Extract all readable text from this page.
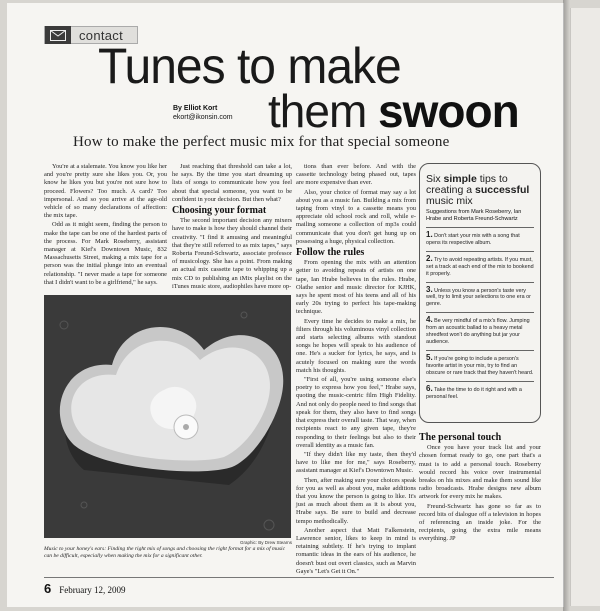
contact
Tunes to make
By Elliot Kort
ekort@ikonsin.com them swoon
How to make the perfect music mix for that special someone

You're at a stalemate. You know you like her and you're pretty sure she likes you. Or, you know he likes you but you're not sure how to proceed. Flowers? Too much. A card? Too impersonal. And so you arrive at the age-old vehicle of so many declarations of affection: the mix tape.

Odd as it might seem, finding the person to make the tape can be one of the hardest parts of the process. For Mark Roseberry, assistant manager at Kief's Downtown Music, 832 Massachusetts Street, making a mix tape for a person was the initial plunge into an eventual relationship. "I never made a tape for someone that I didn't want to be a girlfriend," he says.

Just reaching that threshold can take a lot, he says. By the time you start dreaming up lists of songs to communicate how you feel about that special someone, you want to be confident in your decision. But then what?

Choosing your format

The second important decision any mixers have to make is how they should channel their creativity. "I find it amusing and meaningful that they're still referred to as mix tapes," says Roberta Freund-Schwartz, associate professor of musicology. She has a point. From making an actual mix cassette tape to whipping up a mix CD to publishing an iMix playlist on the iTunes music store, audiophiles have more op-

tions than ever before. And with the cassette technology being phased out, tapes are more expensive than ever.

Also, your choice of format may say a lot about you as a music fan. Building a mix from taping from vinyl to a cassette means you appreciate old school rock and roll, while e-mailing someone a collection of mp3s could communicate that you don't get hung up on possessing a huge, physical collection.

Follow the rules

From opening the mix with an attention getter to avoiding repeats of artists on one tape, Ian Hrabe believes in the rules. Hrabe, Olathe senior and music director for KJHK, says he spent most of his teens and all of his early 20s trying to perfect his tape-making technique.

Every time he decides to make a mix, he filters through his voluminous vinyl collection and starts selecting albums with standout songs he hopes will speak to his audience of one. He's a sucker for lyrics, he says, and is acutely focused on making sure the words match his thoughts.

"First of all, you're using someone else's poetry to express how you feel," Hrabe says, quoting the music-centric film High Fidelity. And not only do people need to find songs that speak for them, they also have to find songs that express their overall taste. That way, when recipients react to any given tape, they're responding to their feelings but also to their overall identity as a music fan.

"If they didn't like my taste, then they'd have to like me for me," says Roseberry, assistant manager at Kief's Downtown Music.

Then, after making sure your choices speak for you as well as about you, make additions that you know the person is going to like. It's just as much about them as it is about you, Hrabe says. Be sure to build and decrease tempo methodically.

Another aspect that Matt Falkenstein, Lawrence senior, likes to keep in mind is retaining subtlety. If he's trying to implant romantic ideas in the ears of his audience, he doesn't bust out overt classics, such as Marvin Gaye's "Let's Get it On."

Graphic: By Drew Stearns
Music to your honey's ears: Finding the right mix of songs and choosing the right format for a mix of music can be difficult, especially when making the mix for a significant other.
Six simple tips to creating a successful music mix
Suggestions from Mark Roseberry, Ian Hrabe and Roberta Freund-Schwartz
1. Don't start your mix with a song that opens its respective album.
2. Try to avoid repeating artists. If you must, set a track at each end of the mix to bookend it properly.
3. Unless you know a person's taste very well, try to limit your selections to one era or genre.
4. Be very mindful of a mix's flow. Jumping from an acoustic ballad to a heavy metal shredfest won't do anything but jar your audience.
5. If you're going to include a person's favorite artist in your mix, try to find an obscure or rare track that they haven't heard.
6. Take the time to do it right and with a personal feel.
The personal touch

Once you have your track list and your chosen format ready to go, one part that's a must is to add a personal touch. Roseberry would record his voice over instrumental breaks on his mixes and make them sound like radio broadcasts. Hrabe designs new album artwork for every mix he makes.

Freund-Schwartz has gone so far as to record bits of dialogue off a television in hopes of referencing an inside joke. For the recipients, going the extra mile means everything. JP

6 February 12, 2009
